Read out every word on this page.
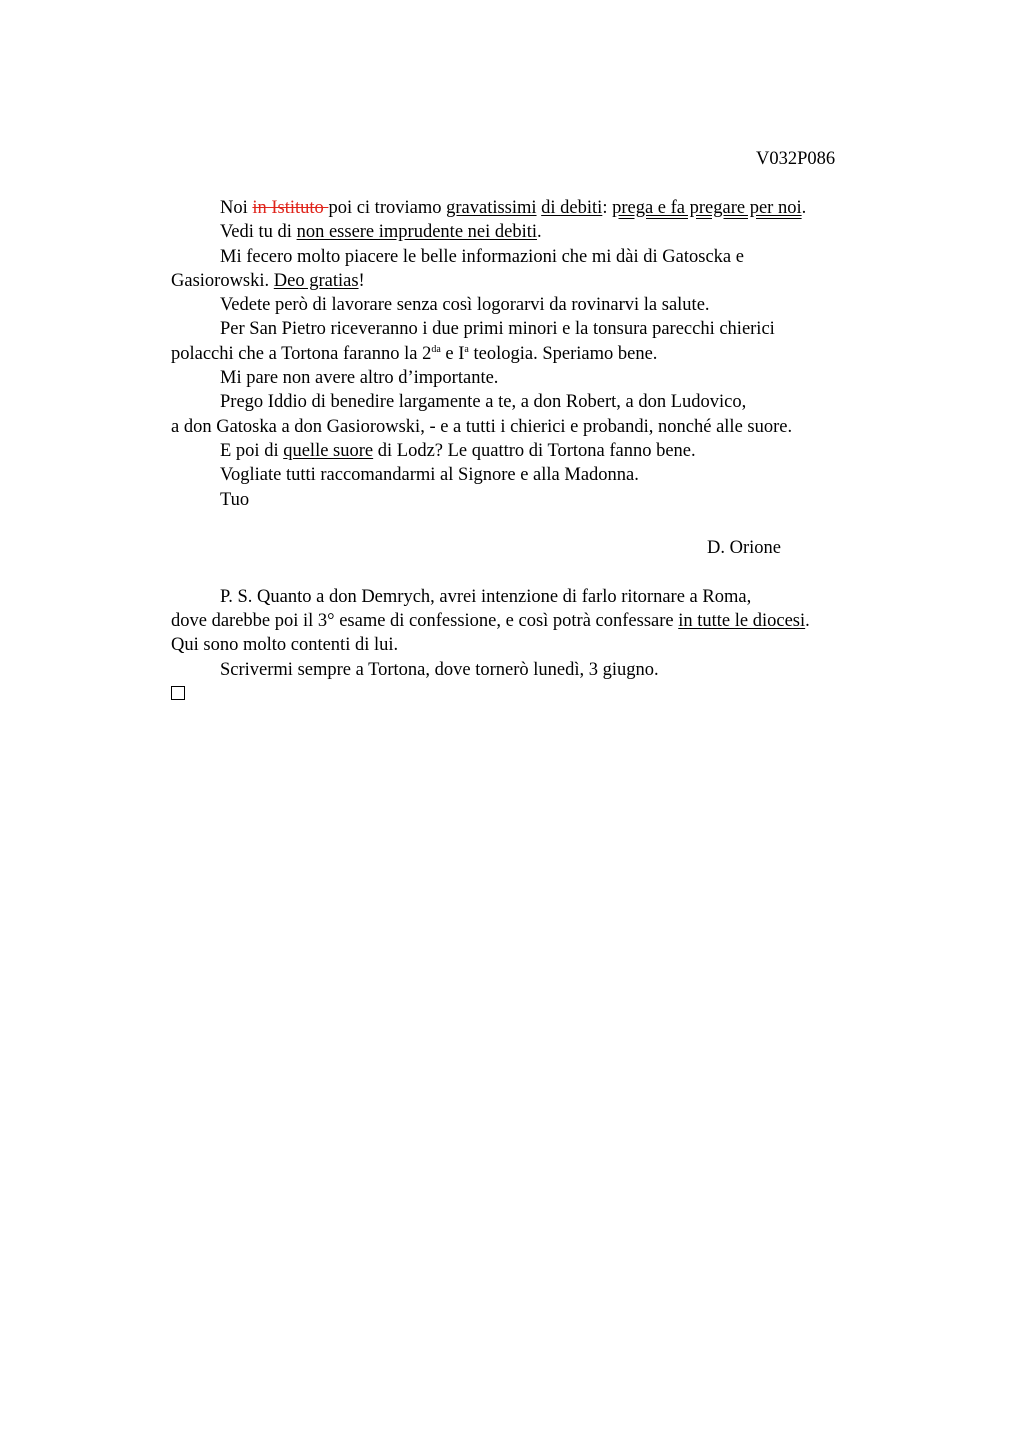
V032P086
Noi in Istituto poi ci troviamo gravatissimi di debiti: prega e fa pregare per noi.
Vedi tu di non essere imprudente nei debiti.
Mi fecero molto piacere le belle informazioni che mi dài di Gatoscka e
Gasiorowski. Deo gratias!
Vedete però di lavorare senza così logorarvi da rovinarvi la salute.
Per San Pietro riceveranno i due primi minori e la tonsura parecchi chierici
polacchi che a Tortona faranno la $2^{da}$ e $I^a$ teologia. Speriamo bene.
Mi pare non avere altro d’importante.
Prego Iddio di benedire largamente a te, a don Robert, a don Ludovico,
a don Gatoska a don Gasiorowski, - e a tutti i chierici e probandi, nonché alle suore.
E poi di quelle suore di Lodz? Le quattro di Tortona fanno bene.
Vogliate tutti raccomandarmi al Signore e alla Madonna.
Tuo
D. Orione
P. S. Quanto a don Demrych, avrei intenzione di farlo ritornare a Roma,
dove darebbe poi il 3° esame di confessione, e così potrà confessare in tutte le diocesi.
Qui sono molto contenti di lui.
Scrivermi sempre a Tortona, dove tornerò lunedì, 3 giugno.
